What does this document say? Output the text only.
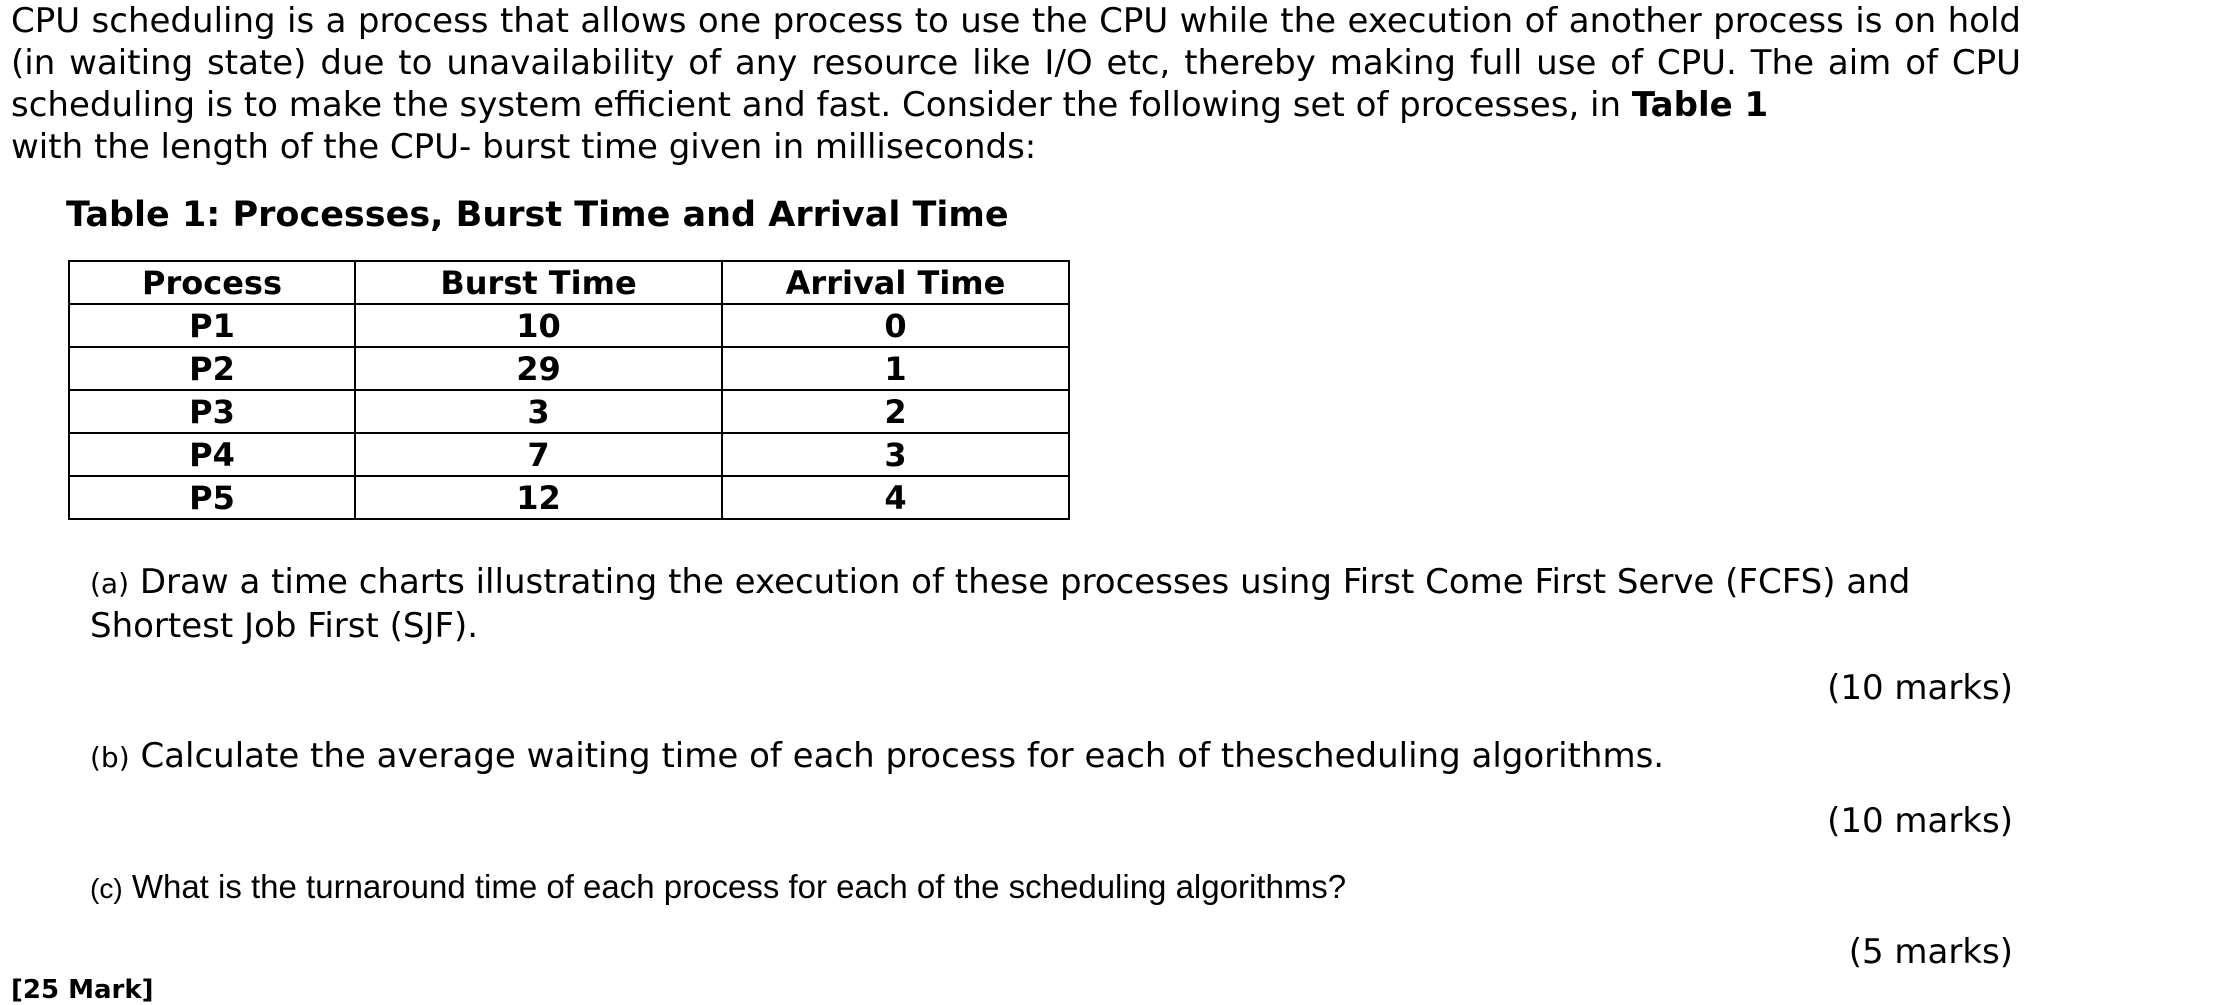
CPU scheduling is a process that allows one process to use the CPU while the execution of another process is on hold (in waiting state) due to unavailability of any resource like I/O etc, thereby making full use of CPU. The aim of CPU scheduling is to make the system efficient and fast. Consider the following set of processes, in Table 1
with the length of the CPU- burst time given in milliseconds:

Table 1: Processes, Burst Time and Arrival Time

Process	Burst Time	Arrival Time
P1	10	0
P2	29	1
P3	3	2
P4	7	3
P5	12	4

(a) Draw a time charts illustrating the execution of these processes using First Come First Serve (FCFS) and Shortest Job First (SJF).

(10 marks)

(b) Calculate the average waiting time of each process for each of thescheduling algorithms.

(10 marks)

(c) What is the turnaround time of each process for each of the scheduling algorithms?

(5 marks)

[25 Mark]
